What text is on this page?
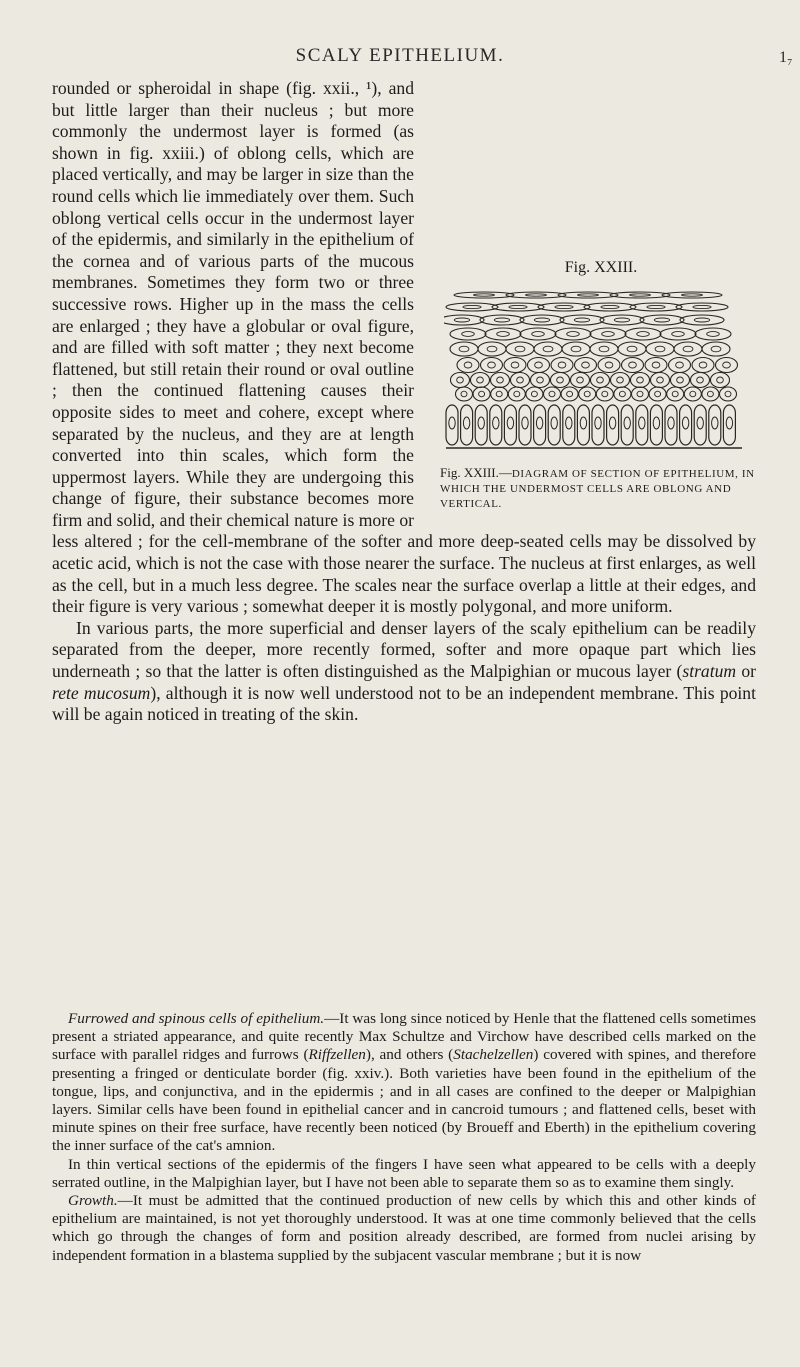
SCALY EPITHELIUM.	1₇
Fig. XXIII.
Fig. XXIII.—DIAGRAM OF SECTION OF EPITHELIUM, IN WHICH THE UNDERMOST CELLS ARE OBLONG AND VERTICAL.

rounded or spheroidal in shape (fig. xxii., ¹), and but little larger than their nucleus ; but more commonly the undermost layer is formed (as shown in fig. xxiii.) of oblong cells, which are placed vertically, and may be larger in size than the round cells which lie immediately over them. Such oblong vertical cells occur in the undermost layer of the epidermis, and similarly in the epithelium of the cornea and of various parts of the mucous membranes. Sometimes they form two or three successive rows. Higher up in the mass the cells are enlarged ; they have a globular or oval figure, and are filled with soft matter ; they next become flattened, but still retain their round or oval outline ; then the continued flattening causes their opposite sides to meet and cohere, except where separated by the nucleus, and they are at length converted into thin scales, which form the uppermost layers. While they are undergoing this change of figure, their substance becomes more firm and solid, and their chemical nature is more or less altered ; for the cell-membrane of the softer and more deep-seated cells may be dissolved by acetic acid, which is not the case with those nearer the surface. The nucleus at first enlarges, as well as the cell, but in a much less degree. The scales near the surface overlap a little at their edges, and their figure is very various ; somewhat deeper it is mostly polygonal, and more uniform.

In various parts, the more superficial and denser layers of the scaly epithelium can be readily separated from the deeper, more recently formed, softer and more opaque part which lies underneath ; so that the latter is often distinguished as the Malpighian or mucous layer (stratum or rete mucosum), although it is now well understood not to be an independent membrane. This point will be again noticed in treating of the skin.

Furrowed and spinous cells of epithelium.—It was long since noticed by Henle that the flattened cells sometimes present a striated appearance, and quite recently Max Schultze and Virchow have described cells marked on the surface with parallel ridges and furrows (Riffzellen), and others (Stachelzellen) covered with spines, and therefore presenting a fringed or denticulate border (fig. xxiv.). Both varieties have been found in the epithelium of the tongue, lips, and conjunctiva, and in the epidermis ; and in all cases are confined to the deeper or Malpighian layers. Similar cells have been found in epithelial cancer and in cancroid tumours ; and flattened cells, beset with minute spines on their free surface, have recently been noticed (by Broueff and Eberth) in the epithelium covering the inner surface of the cat's amnion.

In thin vertical sections of the epidermis of the fingers I have seen what appeared to be cells with a deeply serrated outline, in the Malpighian layer, but I have not been able to separate them so as to examine them singly.

Growth.—It must be admitted that the continued production of new cells by which this and other kinds of epithelium are maintained, is not yet thoroughly understood. It was at one time commonly believed that the cells which go through the changes of form and position already described, are formed from nuclei arising by independent formation in a blastema supplied by the subjacent vascular membrane ; but it is now
